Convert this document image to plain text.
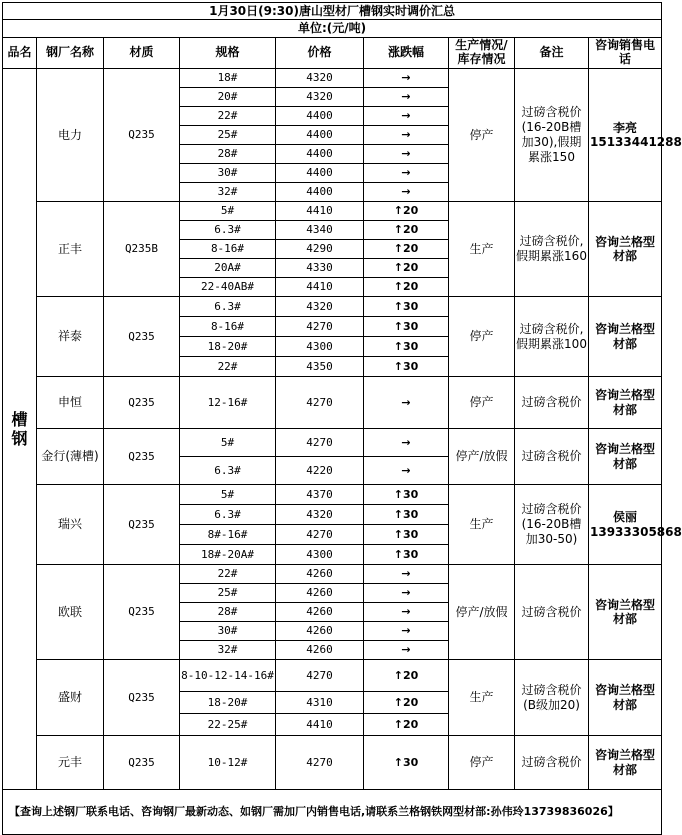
1月30日(9:30)唐山型材厂槽钢实时调价汇总								
单位:(元/吨)								
品名	钢厂名称	材质	规格	价格	涨跌幅	生产情况/库存情况	备注	咨询销售电话
槽钢	电力	Q235	18#	4320	→	停产	过磅含税价(16-20B槽加30),假期累涨150	李亮15133441288
			20#	4320	→			
			22#	4400	→			
			25#	4400	→			
			28#	4400	→			
			30#	4400	→			
			32#	4400	→			
	正丰	Q235B	5#	4410	↑20	生产	过磅含税价,假期累涨160	咨询兰格型材部
			6.3#	4340	↑20			
			8-16#	4290	↑20			
			20A#	4330	↑20			
			22-40AB#	4410	↑20			
	祥泰	Q235	6.3#	4320	↑30	停产	过磅含税价,假期累涨100	咨询兰格型材部
			8-16#	4270	↑30			
			18-20#	4300	↑30			
			22#	4350	↑30			
	申恒	Q235	12-16#	4270	→	停产	过磅含税价	咨询兰格型材部
	金行(薄槽)	Q235	5#	4270	→	停产/放假	过磅含税价	咨询兰格型材部
			6.3#	4220	→			
	瑞兴	Q235	5#	4370	↑30	生产	过磅含税价(16-20B槽加30-50)	侯丽13933305868
			6.3#	4320	↑30			
			8#-16#	4270	↑30			
			18#-20A#	4300	↑30			
	欧联	Q235	22#	4260	→	停产/放假	过磅含税价	咨询兰格型材部
			25#	4260	→			
			28#	4260	→			
			30#	4260	→			
			32#	4260	→			
	盛财	Q235	8-10-12-14-16#	4270	↑20	生产	过磅含税价(B级加20)	咨询兰格型材部
			18-20#	4310	↑20			
			22-25#	4410	↑20			
	元丰	Q235	10-12#	4270	↑30	停产	过磅含税价	咨询兰格型材部
【查询上述钢厂联系电话、咨询钢厂最新动态、如钢厂需加厂内销售电话,请联系兰格钢铁网型材部:孙伟玲13739836026】								
